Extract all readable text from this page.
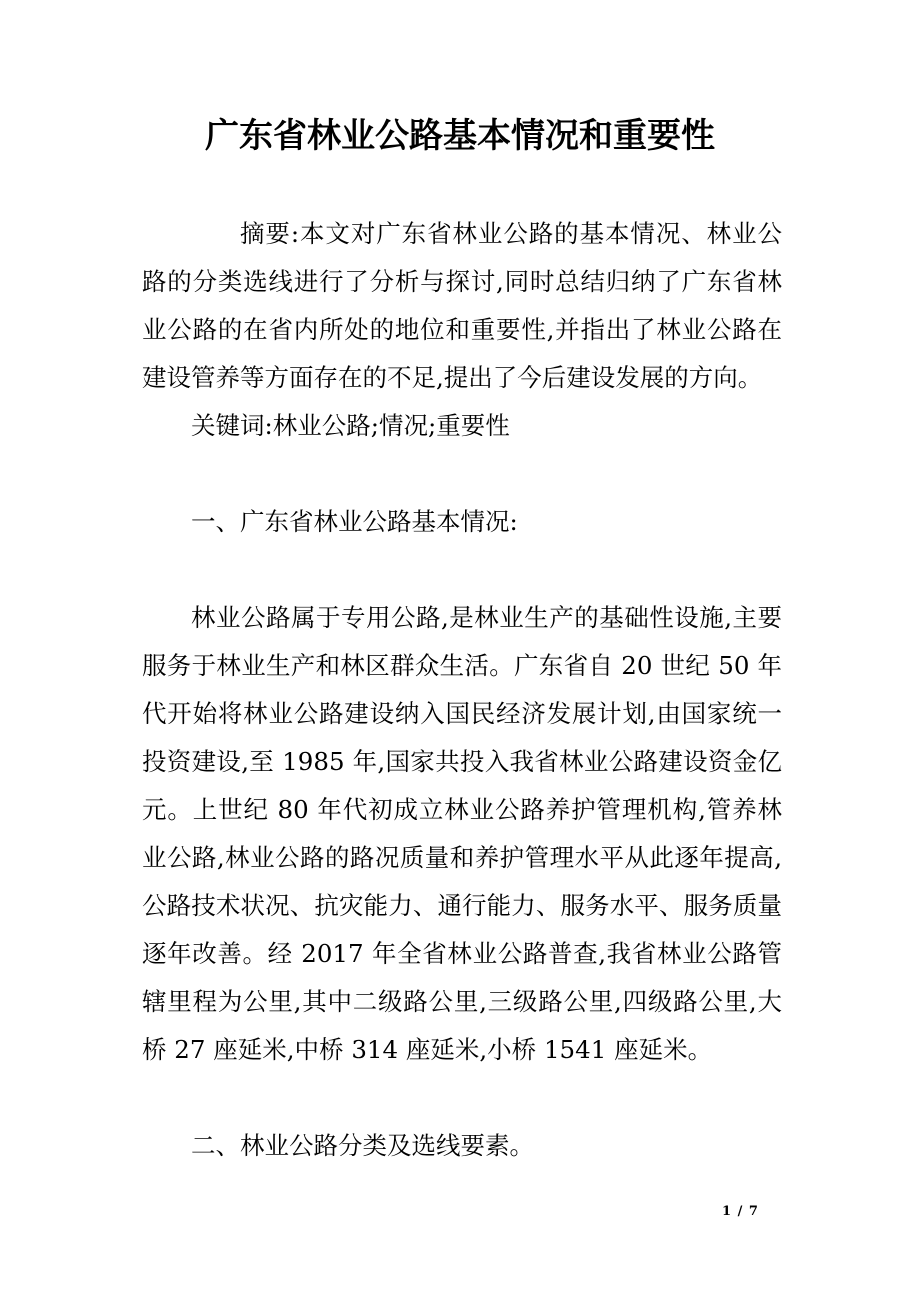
广东省林业公路基本情况和重要性

摘要:本文对广东省林业公路的基本情况、林业公路的分类选线进行了分析与探讨,同时总结归纳了广东省林业公路的在省内所处的地位和重要性,并指出了林业公路在建设管养等方面存在的不足,提出了今后建设发展的方向。

关键词:林业公路;情况;重要性

一、广东省林业公路基本情况:

林业公路属于专用公路,是林业生产的基础性设施,主要服务于林业生产和林区群众生活。广东省自 20 世纪 50 年代开始将林业公路建设纳入国民经济发展计划,由国家统一投资建设,至 1985 年,国家共投入我省林业公路建设资金亿元。上世纪 80 年代初成立林业公路养护管理机构,管养林业公路,林业公路的路况质量和养护管理水平从此逐年提高,公路技术状况、抗灾能力、通行能力、服务水平、服务质量逐年改善。经 2017 年全省林业公路普查,我省林业公路管辖里程为公里,其中二级路公里,三级路公里,四级路公里,大桥 27 座延米,中桥 314 座延米,小桥 1541 座延米。

二、林业公路分类及选线要素。

1 / 7
